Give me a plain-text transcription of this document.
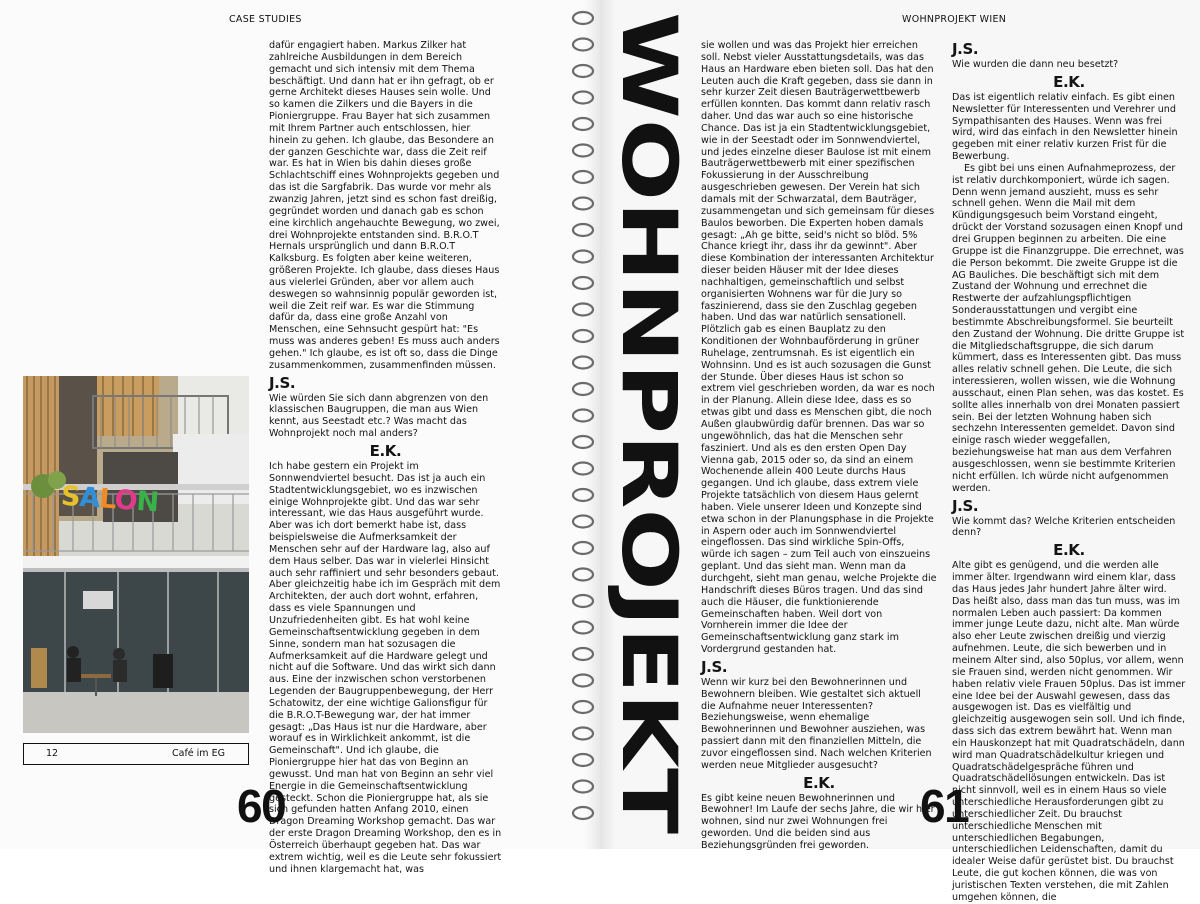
CASE STUDIES

dafür engagiert haben. Markus Zilker hat zahlreiche Ausbildungen in dem Bereich gemacht und sich intensiv mit dem Thema beschäftigt. Und dann hat er ihn gefragt, ob er gerne Architekt dieses Hauses sein wolle. Und so kamen die Zilkers und die Bayers in die Pioniergruppe. Frau Bayer hat sich zusammen mit Ihrem Partner auch entschlossen, hier hinein zu gehen. Ich glaube, das Besondere an der ganzen Geschichte war, dass die Zeit reif war. Es hat in Wien bis dahin dieses große Schlachtschiff eines Wohnprojekts gegeben und das ist die Sargfabrik. Das wurde vor mehr als zwanzig Jahren, jetzt sind es schon fast dreißig, gegründet worden und danach gab es schon eine kirchlich angehauchte Bewegung, wo zwei, drei Wohnprojekte entstanden sind. B.R.O.T Hernals ursprünglich und dann B.R.O.T Kalksburg. Es folgten aber keine weiteren, größeren Projekte. Ich glaube, dass dieses Haus aus vielerlei Gründen, aber vor allem auch deswegen so wahnsinnig populär geworden ist, weil die Zeit reif war. Es war die Stimmung dafür da, dass eine große Anzahl von Menschen, eine Sehnsucht gespürt hat: "Es muss was anderes geben! Es muss auch anders gehen." Ich glaube, es ist oft so, dass die Dinge zusammenkommen, zusammenfinden müssen.

J.S.

Wie würden Sie sich dann abgrenzen von den klassischen Baugruppen, die man aus Wien kennt, aus Seestadt etc.? Was macht das Wohnprojekt noch mal anders?

E.K.

Ich habe gestern ein Projekt im Sonnwendviertel besucht. Das ist ja auch ein Stadtentwicklungsgebiet, wo es inzwischen einige Wohnprojekte gibt. Und das war sehr interessant, wie das Haus ausgeführt wurde. Aber was ich dort bemerkt habe ist, dass beispielsweise die Aufmerksamkeit der Menschen sehr auf der Hardware lag, also auf dem Haus selber. Das war in vielerlei Hinsicht auch sehr raffiniert und sehr besonders gebaut. Aber gleichzeitig habe ich im Gespräch mit dem Architekten, der auch dort wohnt, erfahren, dass es viele Spannungen und Unzufriedenheiten gibt. Es hat wohl keine Gemeinschaftsentwicklung gegeben in dem Sinne, sondern man hat sozusagen die Aufmerksamkeit auf die Hardware gelegt und nicht auf die Software. Und das wirkt sich dann aus. Eine der inzwischen schon verstorbenen Legenden der Baugruppenbewegung, der Herr Schatowitz, der eine wichtige Galionsfigur für die B.R.O.T-Bewegung war, der hat immer gesagt: „Das Haus ist nur die Hardware, aber worauf es in Wirklichkeit ankommt, ist die Gemeinschaft". Und ich glaube, die Pioniergruppe hier hat das von Beginn an gewusst. Und man hat von Beginn an sehr viel Energie in die Gemeinschaftsentwicklung gesteckt. Schon die Pioniergruppe hat, als sie sich gefunden hatten Anfang 2010, einen Dragon Dreaming Workshop gemacht. Das war der erste Dragon Dreaming Workshop, den es in Österreich überhaupt gegeben hat. Das war extrem wichtig, weil es die Leute sehr fokussiert und ihnen klargemacht hat, was

SALON
12	Café im EG
60
WOHNPROJEKT WIEN

sie wollen und was das Projekt hier erreichen soll. Nebst vieler Ausstattungsdetails, was das Haus an Hardware eben bieten soll. Das hat den Leuten auch die Kraft gegeben, dass sie dann in sehr kurzer Zeit diesen Bauträgerwettbewerb erfüllen konnten. Das kommt dann relativ rasch daher. Und das war auch so eine historische Chance. Das ist ja ein Stadtentwicklungsgebiet, wie in der Seestadt oder im Sonnwendviertel, und jedes einzelne dieser Baulose ist mit einem Bauträgerwettbewerb mit einer spezifischen Fokussierung in der Ausschreibung ausgeschrieben gewesen. Der Verein hat sich damals mit der Schwarzatal, dem Bauträger, zusammengetan und sich gemeinsam für dieses Baulos beworben. Die Experten hoben damals gesagt: „Ah ge bitte, seid's nicht so blöd. 5% Chance kriegt ihr, dass ihr da gewinnt". Aber diese Kombination der interessanten Architektur dieser beiden Häuser mit der Idee dieses nachhaltigen, gemeinschaftlich und selbst organisierten Wohnens war für die Jury so faszinierend, dass sie den Zuschlag gegeben haben. Und das war natürlich sensationell. Plötzlich gab es einen Bauplatz zu den Konditionen der Wohnbauförderung in grüner Ruhelage, zentrumsnah. Es ist eigentlich ein Wohnsinn. Und es ist auch sozusagen die Gunst der Stunde. Über dieses Haus ist schon so extrem viel geschrieben worden, da war es noch in der Planung. Allein diese Idee, dass es so etwas gibt und dass es Menschen gibt, die noch Außen glaubwürdig dafür brennen. Das war so ungewöhnlich, das hat die Menschen sehr fasziniert. Und als es den ersten Open Day Vienna gab, 2015 oder so, da sind an einem Wochenende allein 400 Leute durchs Haus gegangen. Und ich glaube, dass extrem viele Projekte tatsächlich von diesem Haus gelernt haben. Viele unserer Ideen und Konzepte sind etwa schon in der Planungsphase in die Projekte in Aspern oder auch im Sonnwendviertel eingeflossen. Das sind wirkliche Spin-Offs, würde ich sagen – zum Teil auch von einszueins geplant. Und das sieht man. Wenn man da durchgeht, sieht man genau, welche Projekte die Handschrift dieses Büros tragen. Und das sind auch die Häuser, die funktionierende Gemeinschaften haben. Weil dort von Vornherein immer die Idee der Gemeinschaftsentwicklung ganz stark im Vordergrund gestanden hat.

J.S.

Wenn wir kurz bei den Bewohnerinnen und Bewohnern bleiben. Wie gestaltet sich aktuell die Aufnahme neuer Interessenten? Beziehungsweise, wenn ehemalige Bewohnerinnen und Bewohner ausziehen, was passiert dann mit den finanziellen Mitteln, die zuvor eingeflossen sind. Nach welchen Kriterien werden neue Mitglieder ausgesucht?

E.K.

Es gibt keine neuen Bewohnerinnen und Bewohner! Im Laufe der sechs Jahre, die wir hier wohnen, sind nur zwei Wohnungen frei geworden. Und die beiden sind aus Beziehungsgründen frei geworden.

J.S.

Wie wurden die dann neu besetzt?

E.K.

Das ist eigentlich relativ einfach. Es gibt einen Newsletter für Interessenten und Verehrer und Sympathisanten des Hauses. Wenn was frei wird, wird das einfach in den Newsletter hinein gegeben mit einer relativ kurzen Frist für die Bewerbung.

Es gibt bei uns einen Aufnahmeprozess, der ist relativ durchkomponiert, würde ich sagen. Denn wenn jemand auszieht, muss es sehr schnell gehen. Wenn die Mail mit dem Kündigungsgesuch beim Vorstand eingeht, drückt der Vorstand sozusagen einen Knopf und drei Gruppen beginnen zu arbeiten. Die eine Gruppe ist die Finanzgruppe. Die errechnet, was die Person bekommt. Die zweite Gruppe ist die AG Bauliches. Die beschäftigt sich mit dem Zustand der Wohnung und errechnet die Restwerte der aufzahlungspflichtigen Sonderausstattungen und vergibt eine bestimmte Abschreibungsformel. Sie beurteilt den Zustand der Wohnung. Die dritte Gruppe ist die Mitgliedschaftsgruppe, die sich darum kümmert, dass es Interessenten gibt. Das muss alles relativ schnell gehen. Die Leute, die sich interessieren, wollen wissen, wie die Wohnung ausschaut, einen Plan sehen, was das kostet. Es sollte alles innerhalb von drei Monaten passiert sein. Bei der letzten Wohnung haben sich sechzehn Interessenten gemeldet. Davon sind einige rasch wieder weggefallen, beziehungsweise hat man aus dem Verfahren ausgeschlossen, wenn sie bestimmte Kriterien nicht erfüllen. Ich würde nicht aufgenommen werden.

J.S.

Wie kommt das? Welche Kriterien entscheiden denn?

E.K.

Alte gibt es genügend, und die werden alle immer älter. Irgendwann wird einem klar, dass das Haus jedes Jahr hundert Jahre älter wird. Das heißt also, dass man das tun muss, was im normalen Leben auch passiert: Da kommen immer junge Leute dazu, nicht alte. Man würde also eher Leute zwischen dreißig und vierzig aufnehmen. Leute, die sich bewerben und in meinem Alter sind, also 50plus, vor allem, wenn sie Frauen sind, werden nicht genommen. Wir haben relativ viele Frauen 50plus. Das ist immer eine Idee bei der Auswahl gewesen, dass das ausgewogen ist. Das es vielfältig und gleichzeitig ausgewogen sein soll. Und ich finde, dass sich das extrem bewährt hat. Wenn man ein Hauskonzept hat mit Quadratschädeln, dann wird man Quadratschädelkultur kriegen und Quadratschädelgespräche führen und Quadratschädellösungen entwickeln. Das ist nicht sinnvoll, weil es in einem Haus so viele unterschiedliche Herausforderungen gibt zu unterschiedlicher Zeit. Du brauchst unterschiedliche Menschen mit unterschiedlichen Begabungen, unterschiedlichen Leidenschaften, damit du idealer Weise dafür gerüstet bist. Du brauchst Leute, die gut kochen können, die was von juristischen Texten verstehen, die mit Zahlen umgehen können, die

61
WOHNPROJEKT
